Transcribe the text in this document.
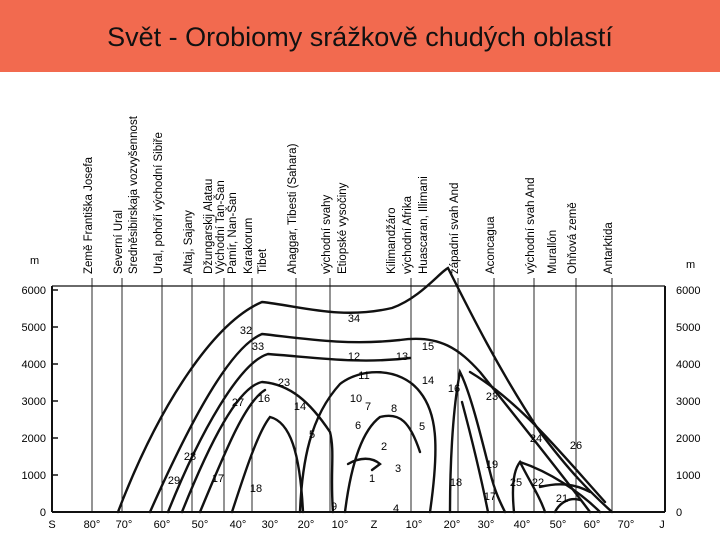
Svět - Orobiomy srážkově chudých oblastí
m
0
1000
2000
3000
4000
5000
6000
m
0
1000
2000
3000
4000
5000
6000
S	80° 70° 60° 50° 40° 30° 20° 10° Z	10° 20° 30° 40° 50° 60° 70° J
Země Františka Josefa Severní Ural Sredněsibirskaja vozvyšennost Ural, pohoří východní Sibiře Altaj, Sajany Džungarskij Alatau Východní Tan-Šan Pamír, Nan-Šan Karakorum Tibet Ahaggar, Tibesti (Sahara) východní svahy Etiopské vysočiny	Kilimandžáro východní Afrika Huascaran, Illimani západní svah And Aconcagua východní svah And Murallón Ohňová země Antarktida
34
32
33
12	13
15
11	14
23	16
10
7 8
23
27 16
14
5
6
2
5
24
26
28
3
1
19
18
29	17
18	22
25
21
17
9	4
